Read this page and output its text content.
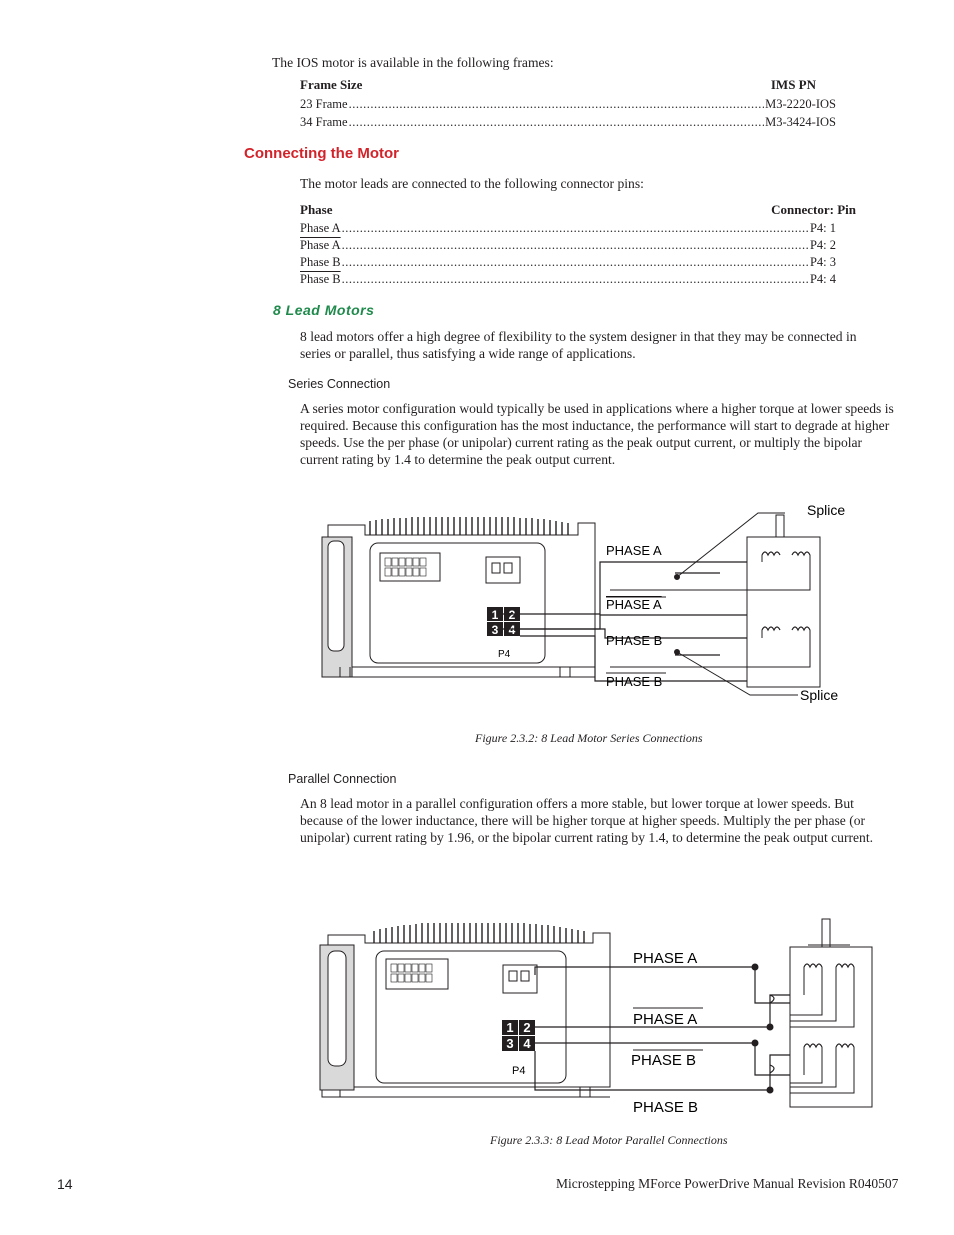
The IOS motor is available in the following frames:
Frame Size	IMS PN
23 Frame .....	M3-2220-IOS
34 Frame .....	M3-3424-IOS
Connecting the Motor
The motor leads are connected to the following connector pins:
Phase	Connector: Pin
Phase A .....	P4: 1
Phase A .....	P4: 2
Phase B .....	P4: 3
Phase B .....	P4: 4
8 Lead Motors
8 lead motors offer a high degree of flexibility to the system designer in that they may be connected in series or parallel, thus satisfying a wide range of applications.
Series Connection
A series motor configuration would typically be used in applications where a higher torque at lower speeds is required. Because this configuration has the most inductance, the performance will start to degrade at higher speeds. Use the per phase (or unipolar) current rating as the peak output current, or multiply the bipolar current rating by 1.4 to determine the peak output current.
1 2
3 4
P4
PHASE A
PHASE A
PHASE B
PHASE B
Splice
Splice
Figure 2.3.2: 8 Lead Motor Series Connections
Parallel Connection
An 8 lead motor in a parallel configuration offers a more stable, but lower torque at lower speeds. But because of the lower inductance, there will be higher torque at higher speeds. Multiply the per phase (or unipolar) current rating by 1.96, or the bipolar current rating by 1.4, to determine the peak output current.
1 2
3 4
P4
PHASE A
PHASE A
PHASE B
PHASE B
Figure 2.3.3: 8 Lead Motor Parallel Connections
14	Microstepping MForce PowerDrive Manual Revision R040507
